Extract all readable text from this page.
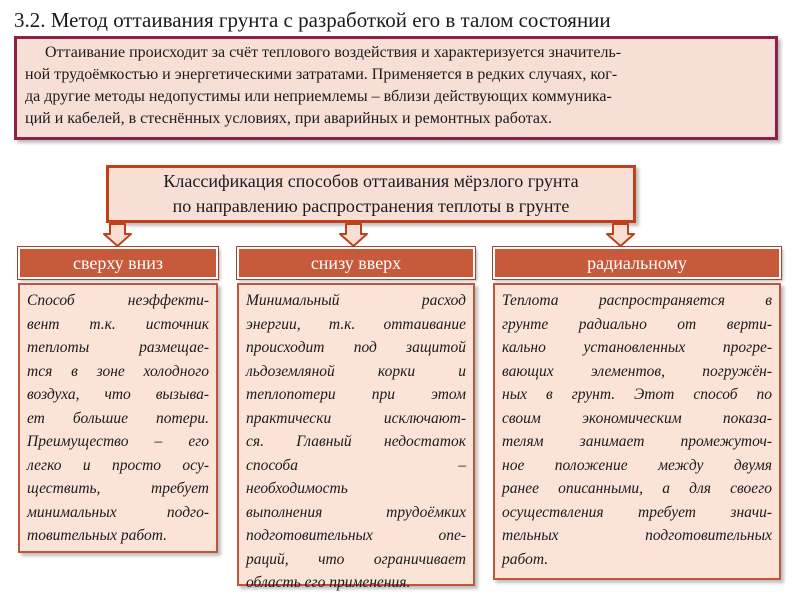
3.2. Метод оттаивания грунта с разработкой его в талом состоянии
Оттаивание происходит за счёт теплового воздействия и характеризуется значитель-
ной трудоёмкостью и энергетическими затратами. Применяется в редких случаях, ког-
да другие методы недопустимы или неприемлемы – вблизи действующих коммуника-
ций и кабелей, в стеснённых условиях, при аварийных и ремонтных работах.
Классификация способов оттаивания мёрзлого грунта
по направлению распространения теплоты в грунте
сверху вниз	снизу вверх	радиальному
Способ неэффекти-
вент т.к. источник
теплоты размещае-
тся в зоне холодного
воздуха, что вызыва-
ет большие потери.
Преимущество – его
легко и просто осу-
ществить, требует
минимальных подго-
товительных работ.
Минимальный расход
энергии, т.к. оттаивание
происходит под защитой
льдоземляной корки и
теплопотери при этом
практически исключают-
ся. Главный недостаток
способа –
необходимость
выполнения трудоёмких
подготовительных опе-
раций, что ограничивает
область его применения.
Теплота распространяется в
грунте радиально от верти-
кально установленных прогре-
вающих элементов, погружён-
ных в грунт. Этот способ по
своим экономическим показа-
телям занимает промежуточ-
ное положение между двумя
ранее описанными, а для своего
осуществления требует значи-
тельных подготовительных
работ.
